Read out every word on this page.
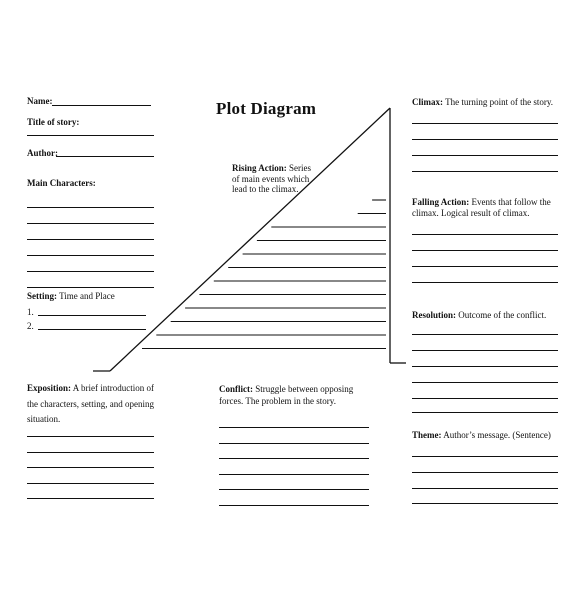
Plot Diagram
Name:
Title of story:
Author:
Main Characters:
Setting: Time and Place
1.
2.
Rising Action: Series
of main events which
lead to the climax.
Climax: The turning point of the story.
Falling Action: Events that follow the
climax. Logical result of climax.
Resolution: Outcome of the conflict.
Theme: Author’s message. (Sentence)
Exposition: A brief introduction of
the characters, setting, and opening
situation.
Conflict: Struggle between opposing
forces. The problem in the story.
